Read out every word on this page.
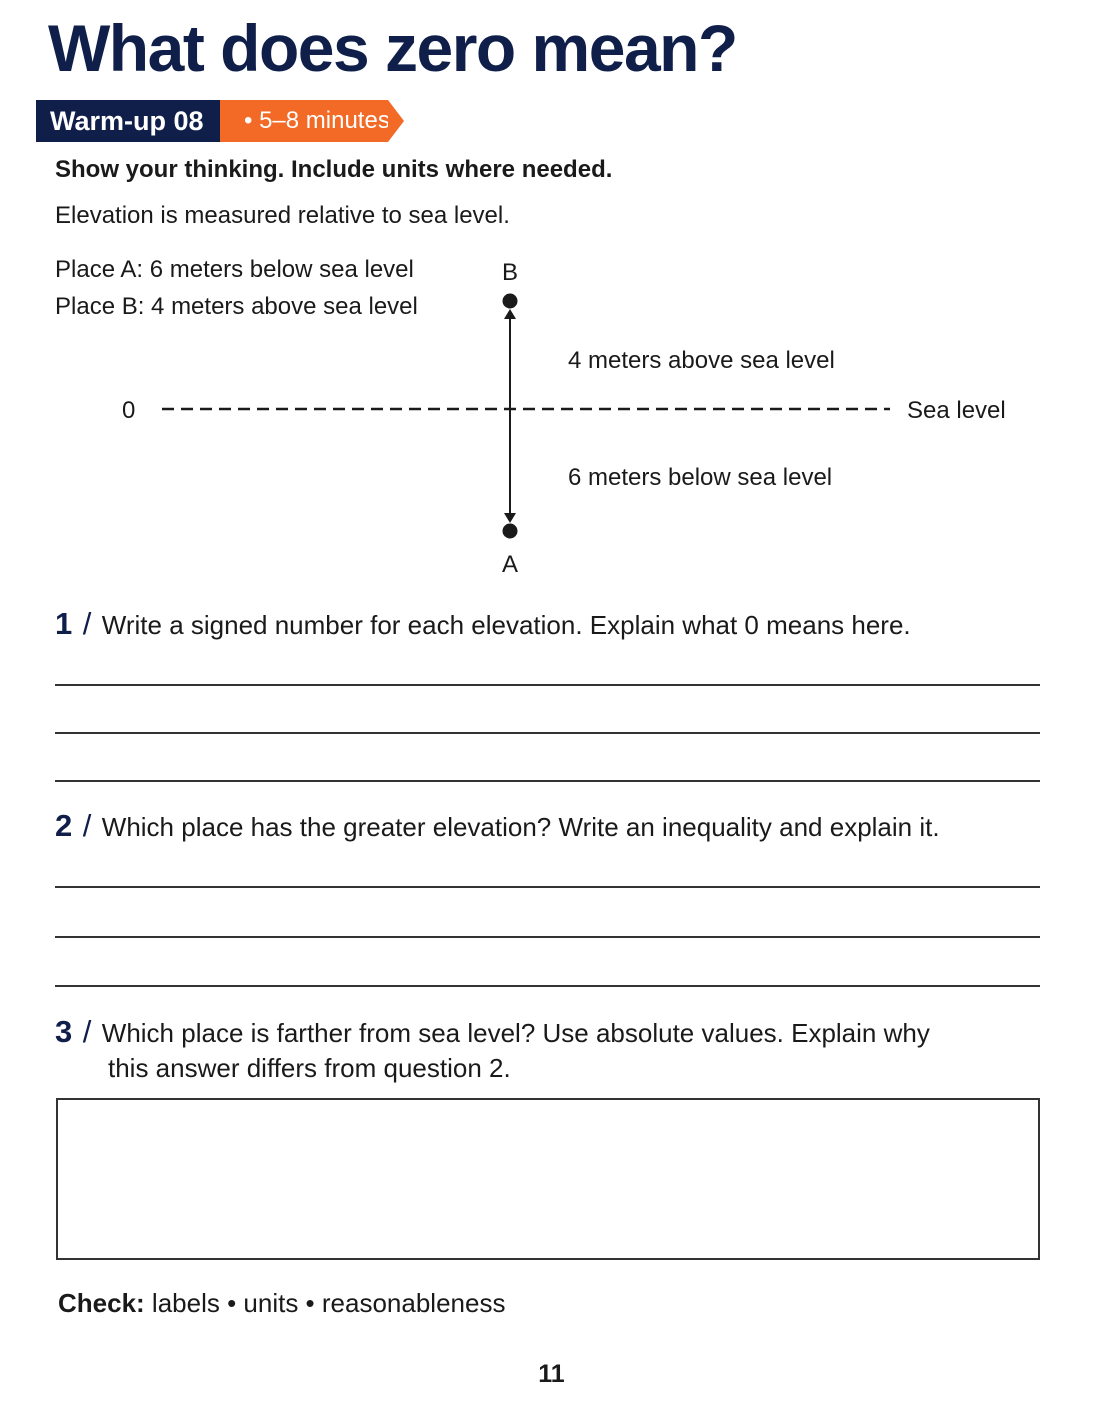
What does zero mean?
Warm-up 08	• 5–8 minutes
Show your thinking. Include units where needed.
Elevation is measured relative to sea level.
Place A: 6 meters below sea level
Place B: 4 meters above sea level
0	Sea level
B
A
4 meters above sea level
6 meters below sea level
1 / Write a signed number for each elevation. Explain what 0 means here.
2 / Which place has the greater elevation? Write an inequality and explain it.
3 / Which place is farther from sea level? Use absolute values. Explain why
this answer differs from question 2.
Check: labels • units • reasonableness
11
